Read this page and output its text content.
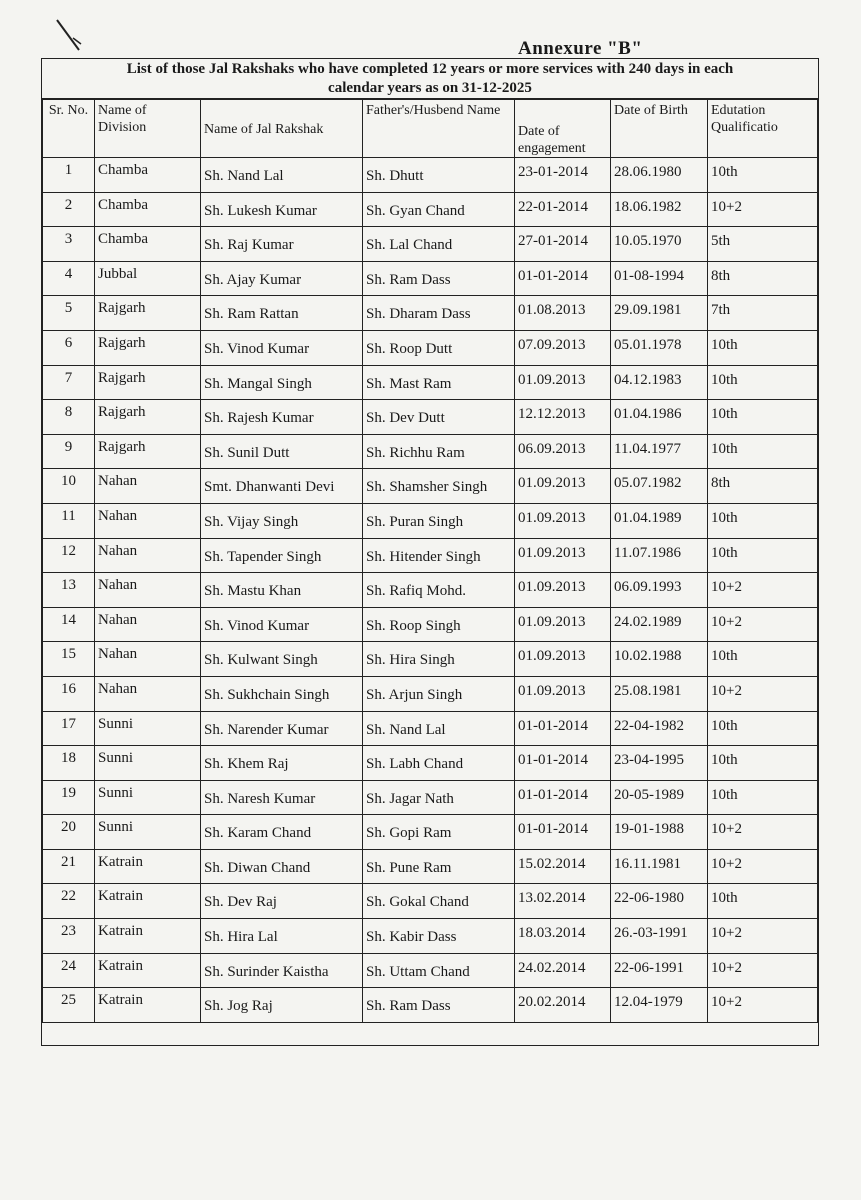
Annexure "B"
List of those Jal Rakshaks who have completed 12 years or more services with 240 days in each
calendar years as on 31-12-2025
Sr. No.	Name of Division	Name of Jal Rakshak	Father's/Husbend Name	Date of engagement	Date of Birth	Edutation Qualificatio
1	Chamba	Sh. Nand Lal	Sh. Dhutt	23-01-2014	28.06.1980	10th
2	Chamba	Sh. Lukesh Kumar	Sh. Gyan Chand	22-01-2014	18.06.1982	10+2
3	Chamba	Sh. Raj Kumar	Sh. Lal Chand	27-01-2014	10.05.1970	5th
4	Jubbal	Sh. Ajay Kumar	Sh. Ram Dass	01-01-2014	01-08-1994	8th
5	Rajgarh	Sh. Ram Rattan	Sh. Dharam Dass	01.08.2013	29.09.1981	7th
6	Rajgarh	Sh. Vinod Kumar	Sh. Roop Dutt	07.09.2013	05.01.1978	10th
7	Rajgarh	Sh. Mangal Singh	Sh. Mast Ram	01.09.2013	04.12.1983	10th
8	Rajgarh	Sh. Rajesh Kumar	Sh. Dev Dutt	12.12.2013	01.04.1986	10th
9	Rajgarh	Sh. Sunil Dutt	Sh. Richhu Ram	06.09.2013	11.04.1977	10th
10	Nahan	Smt. Dhanwanti Devi	Sh. Shamsher Singh	01.09.2013	05.07.1982	8th
11	Nahan	Sh. Vijay Singh	Sh. Puran Singh	01.09.2013	01.04.1989	10th
12	Nahan	Sh. Tapender Singh	Sh. Hitender Singh	01.09.2013	11.07.1986	10th
13	Nahan	Sh. Mastu Khan	Sh. Rafiq Mohd.	01.09.2013	06.09.1993	10+2
14	Nahan	Sh. Vinod Kumar	Sh. Roop Singh	01.09.2013	24.02.1989	10+2
15	Nahan	Sh. Kulwant Singh	Sh. Hira Singh	01.09.2013	10.02.1988	10th
16	Nahan	Sh. Sukhchain Singh	Sh. Arjun Singh	01.09.2013	25.08.1981	10+2
17	Sunni	Sh. Narender Kumar	Sh. Nand Lal	01-01-2014	22-04-1982	10th
18	Sunni	Sh. Khem Raj	Sh. Labh Chand	01-01-2014	23-04-1995	10th
19	Sunni	Sh. Naresh Kumar	Sh. Jagar Nath	01-01-2014	20-05-1989	10th
20	Sunni	Sh. Karam Chand	Sh. Gopi Ram	01-01-2014	19-01-1988	10+2
21	Katrain	Sh. Diwan Chand	Sh. Pune Ram	15.02.2014	16.11.1981	10+2
22	Katrain	Sh. Dev Raj	Sh. Gokal Chand	13.02.2014	22-06-1980	10th
23	Katrain	Sh. Hira Lal	Sh. Kabir Dass	18.03.2014	26.-03-1991	10+2
24	Katrain	Sh. Surinder Kaistha	Sh. Uttam Chand	24.02.2014	22-06-1991	10+2
25	Katrain	Sh. Jog Raj	Sh. Ram Dass	20.02.2014	12.04-1979	10+2
